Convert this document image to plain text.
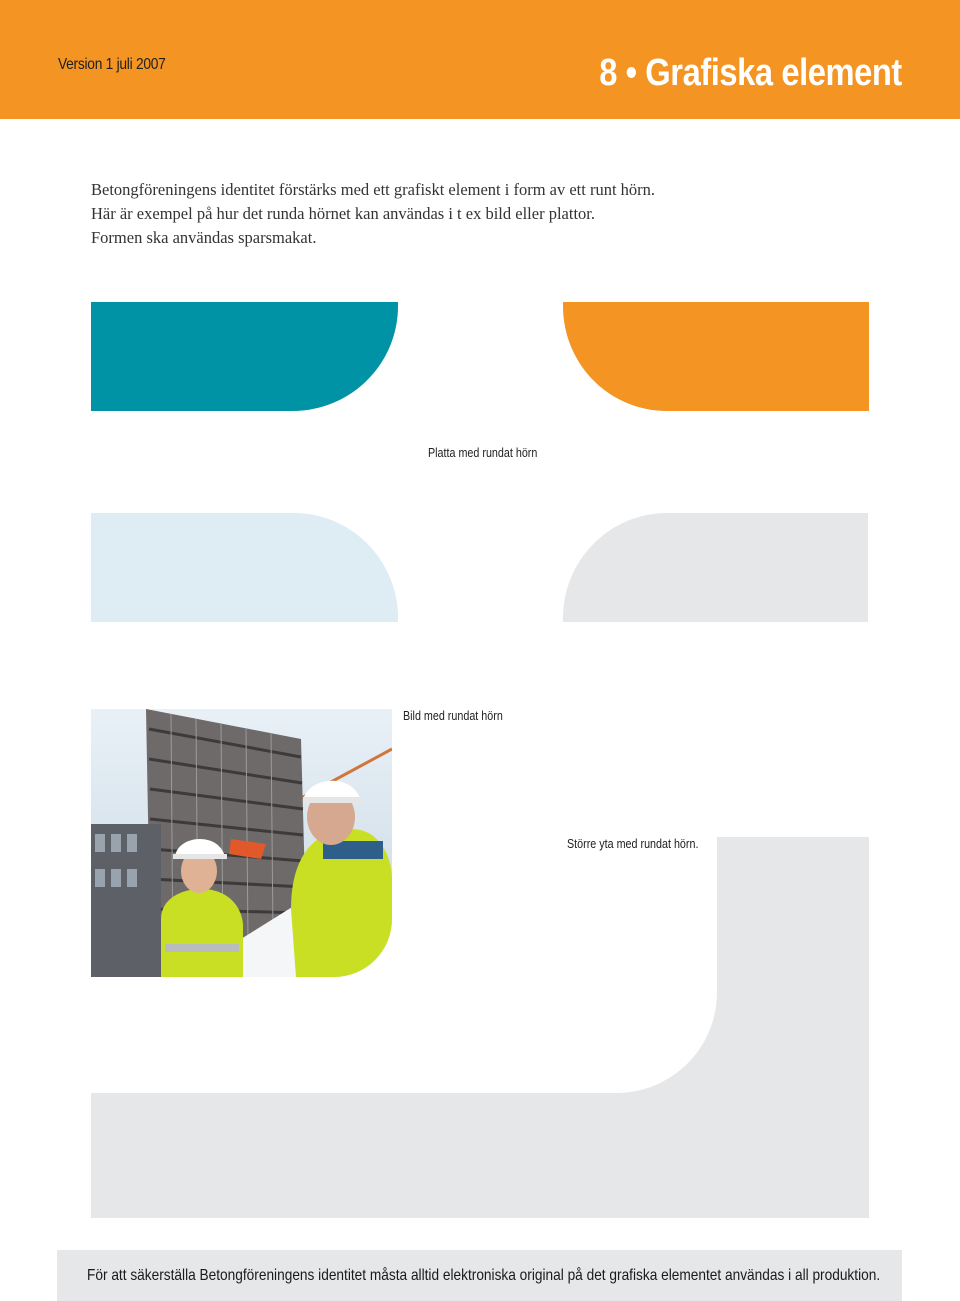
Version 1 juli 2007	8 • Grafiska element
Betongföreningens identitet förstärks med ett grafiskt element i form av ett runt hörn.
Här är exempel på hur det runda hörnet kan användas i t ex bild eller plattor.
Formen ska användas sparsmakat.
Platta med rundat hörn
Bild med rundat hörn
Större yta med rundat hörn.
För att säkerställa Betongföreningens identitet måsta alltid elektroniska original på det grafiska elementet användas i all produktion.
